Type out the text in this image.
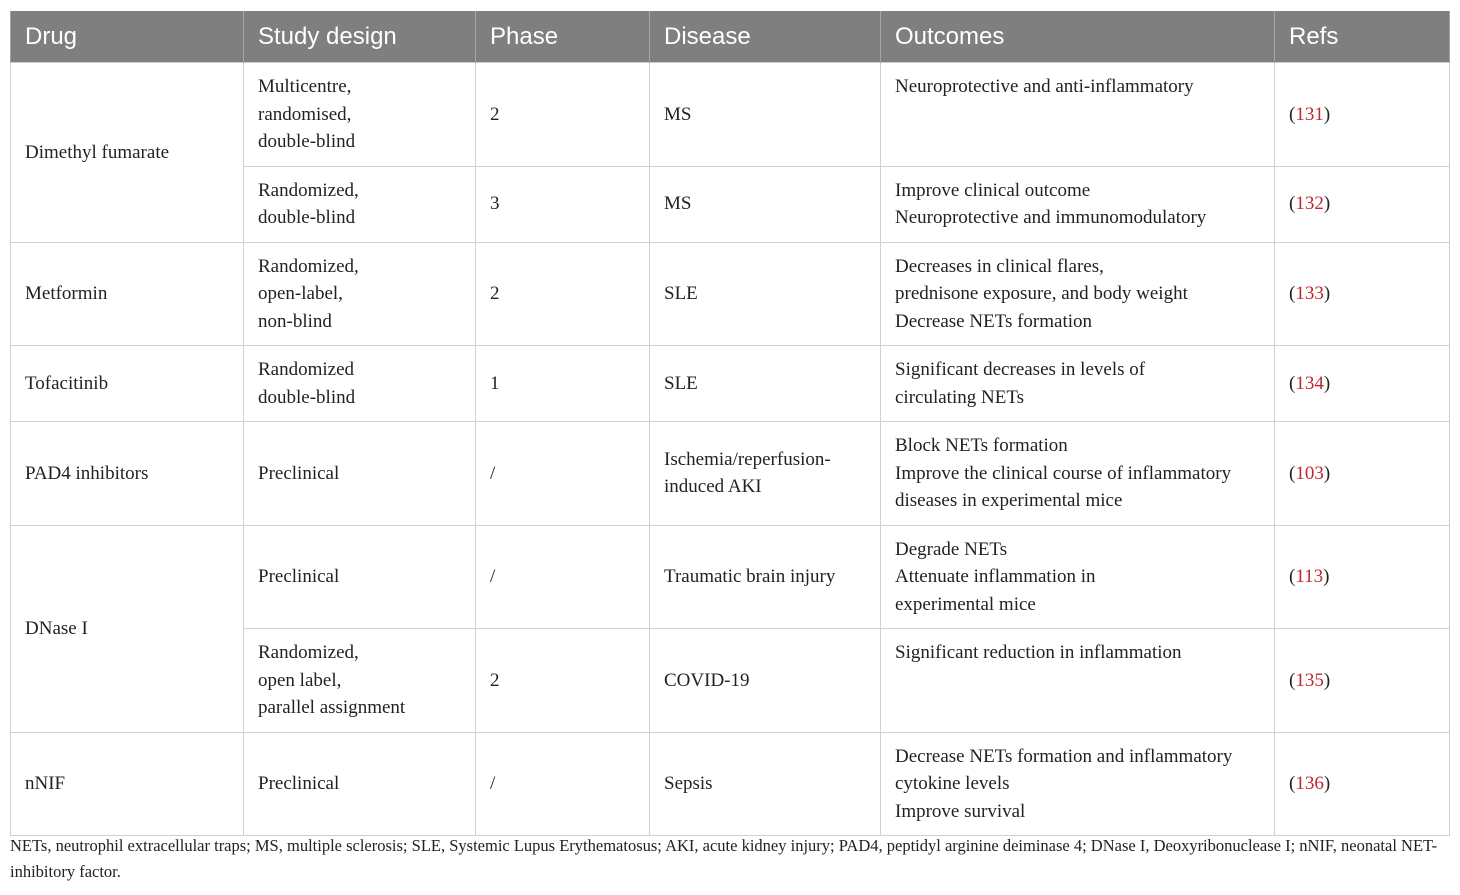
Drug	Study design	Phase	Disease	Outcomes	Refs
Dimethyl fumarate	Multicentre,
randomised,
double-blind	2	MS	Neuroprotective and anti-inflammatory	(131)
	Randomized,
double-blind	3	MS	Improve clinical outcome
Neuroprotective and immunomodulatory	(132)
Metformin	Randomized,
open-label,
non-blind	2	SLE	Decreases in clinical flares,
prednisone exposure, and body weight
Decrease NETs formation	(133)
Tofacitinib	Randomized
double-blind	1	SLE	Significant decreases in levels of
circulating NETs	(134)
PAD4 inhibitors	Preclinical	/	Ischemia/reperfusion-
induced AKI	Block NETs formation
Improve the clinical course of inflammatory
diseases in experimental mice	(103)
DNase I	Preclinical	/	Traumatic brain injury	Degrade NETs
Attenuate inflammation in
experimental mice	(113)
	Randomized,
open label,
parallel assignment	2	COVID-19	Significant reduction in inflammation	(135)
nNIF	Preclinical	/	Sepsis	Decrease NETs formation and inflammatory
cytokine levels
Improve survival	(136)
NETs, neutrophil extracellular traps; MS, multiple sclerosis; SLE, Systemic Lupus Erythematosus; AKI, acute kidney injury; PAD4, peptidyl arginine deiminase 4; DNase I, Deoxyribonuclease I; nNIF, neonatal NET-inhibitory factor.
